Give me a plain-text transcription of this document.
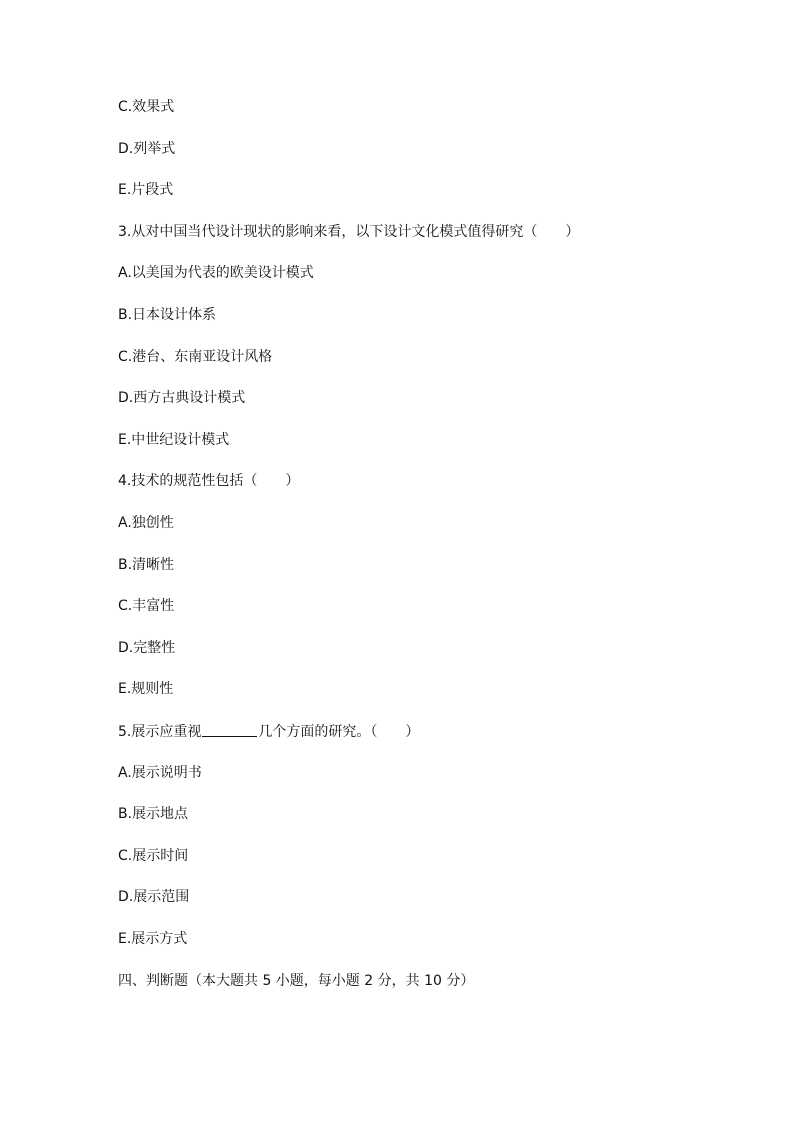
C.效果式
D.列举式
E.片段式
3.从对中国当代设计现状的影响来看，以下设计文化模式值得研究（　　）
A.以美国为代表的欧美设计模式
B.日本设计体系
C.港台、东南亚设计风格
D.西方古典设计模式
E.中世纪设计模式
4.技术的规范性包括（　　）
A.独创性
B.清晰性
C.丰富性
D.完整性
E.规则性
5.展示应重视	几个方面的研究。（　　）
A.展示说明书
B.展示地点
C.展示时间
D.展示范围
E.展示方式
四、判断题（本大题共 5 小题，每小题 2 分，共 10 分）
